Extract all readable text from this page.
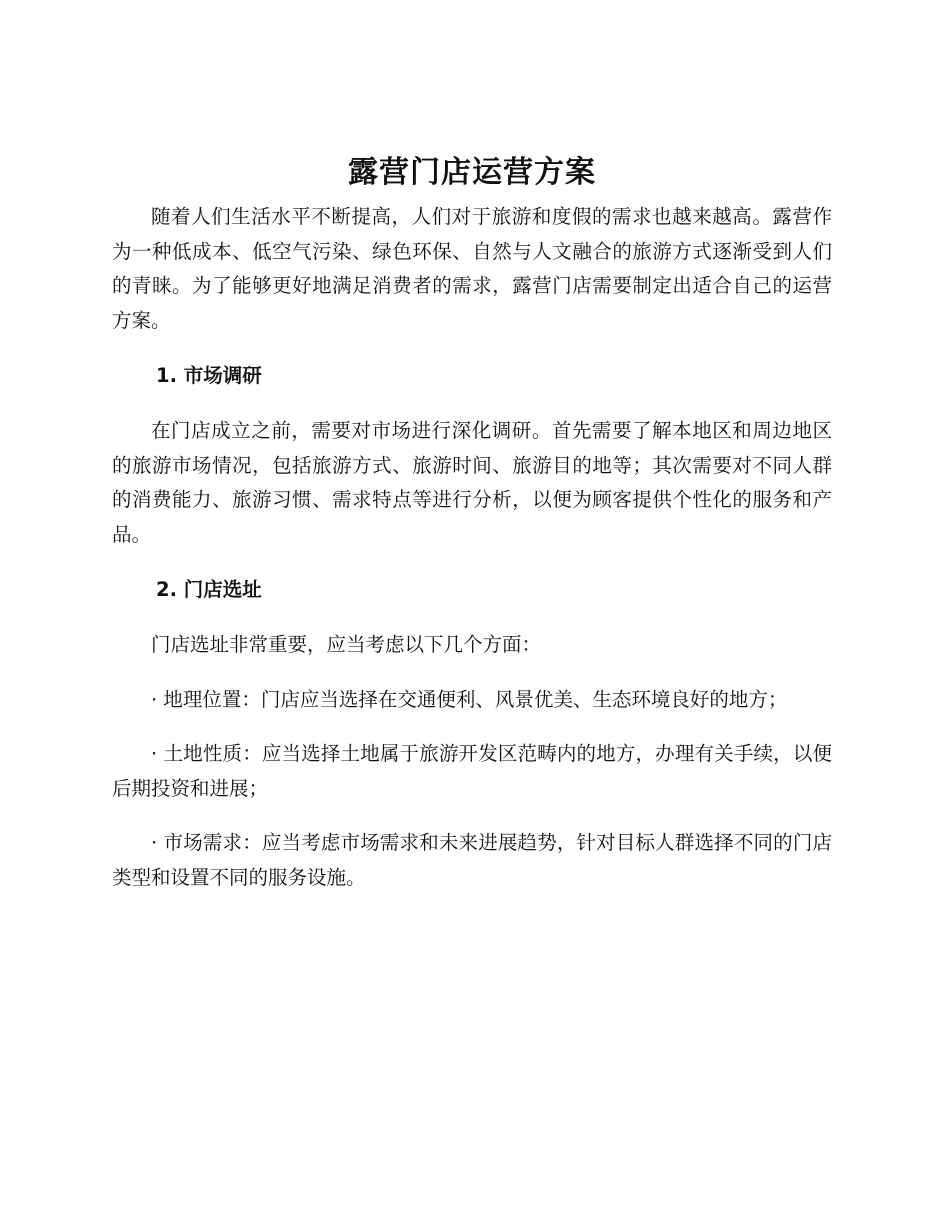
露营门店运营方案

随着人们生活水平不断提高，人们对于旅游和度假的需求也越来越高。露营作为一种低成本、低空气污染、绿色环保、自然与人文融合的旅游方式逐渐受到人们的青睐。为了能够更好地满足消费者的需求，露营门店需要制定出适合自己的运营方案。

1. 市场调研

在门店成立之前，需要对市场进行深化调研。首先需要了解本地区和周边地区的旅游市场情况，包括旅游方式、旅游时间、旅游目的地等；其次需要对不同人群的消费能力、旅游习惯、需求特点等进行分析，以便为顾客提供个性化的服务和产品。

2. 门店选址

门店选址非常重要，应当考虑以下几个方面：

· 地理位置：门店应当选择在交通便利、风景优美、生态环境良好的地方；

· 土地性质：应当选择土地属于旅游开发区范畴内的地方，办理有关手续，以便后期投资和进展；

· 市场需求：应当考虑市场需求和未来进展趋势，针对目标人群选择不同的门店类型和设置不同的服务设施。
